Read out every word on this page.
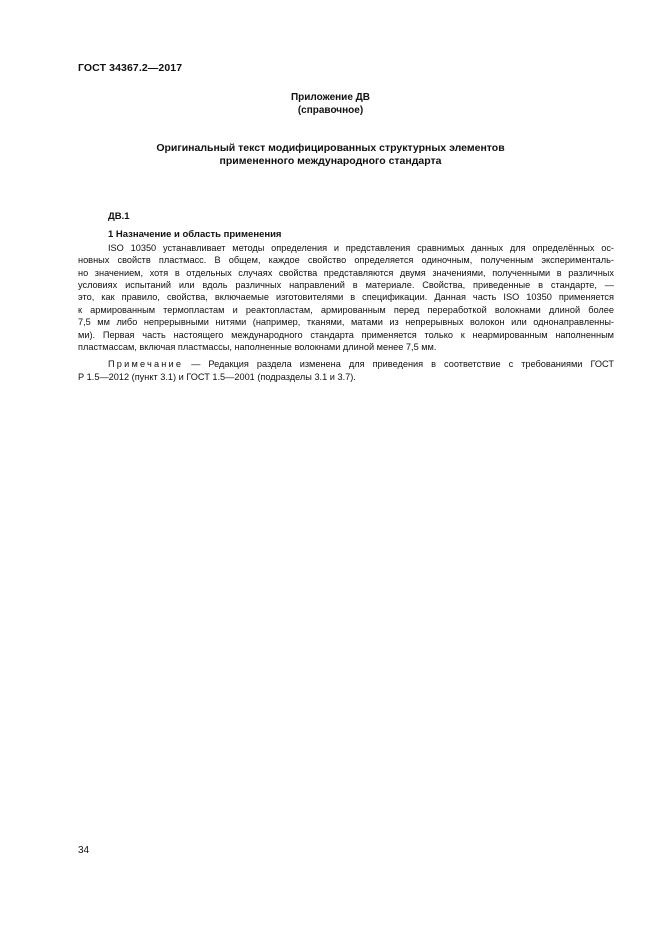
ГОСТ 34367.2—2017
Приложение ДВ
(справочное)
Оригинальный текст модифицированных структурных элементов
примененного международного стандарта
ДВ.1
1 Назначение и область применения
ISO 10350 устанавливает методы определения и представления сравнимых данных для определённых ос-
новных свойств пластмасс. В общем, каждое свойство определяется одиночным, полученным эксперименталь-
но значением, хотя в отдельных случаях свойства представляются двумя значениями, полученными в различных
условиях испытаний или вдоль различных направлений в материале. Свойства, приведенные в стандарте, —
это, как правило, свойства, включаемые изготовителями в спецификации. Данная часть ISO 10350 применяется
к армированным термопластам и реактопластам, армированным перед переработкой волокнами длиной более
7,5 мм либо непрерывными нитями (например, тканями, матами из непрерывных волокон или однонаправленны-
ми). Первая часть настоящего международного стандарта применяется только к неармированным наполненным
пластмассам, включая пластмассы, наполненные волокнами длиной менее 7,5 мм.
Примечание — Редакция раздела изменена для приведения в соответствие с требованиями ГОСТ
Р 1.5—2012 (пункт 3.1) и ГОСТ 1.5—2001 (подразделы 3.1 и 3.7).
34
